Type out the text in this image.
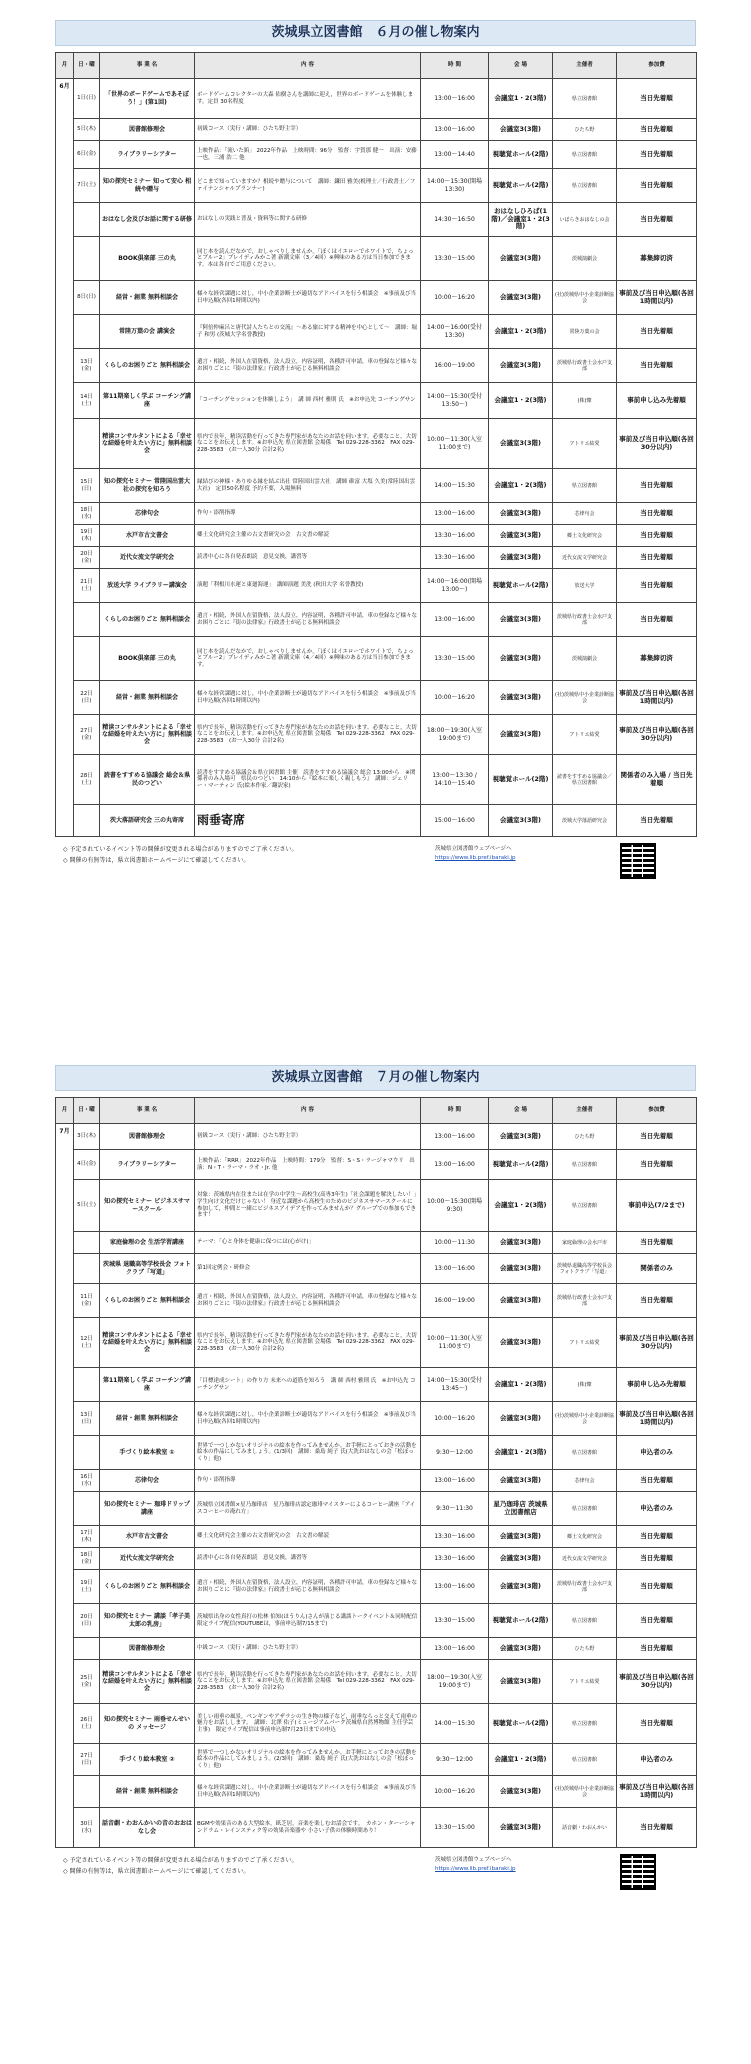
茨城県立図書館　６月の催し物案内
月	日・曜	事 業 名	内 容	時 間	会 場	主催者	参加費
6月	1日(日)	「世界のボードゲームであそぼう！」(第1回)	ボードゲームコレクターの大森 佑樹さんを講師に迎え，世界のボードゲームを体験します。定員 30名程度	13:00～16:00	会議室1・2(3階)	県立図書館	当日先着順
	5日(木)	図書館修理会	初級コース（実行・講師：ひたち野主宰）	13:00～16:00	会議室3(3階)	ひたち野	当日先着順
	6日(金)	ライブラリーシアター	上映作品：「流いた鋲」 2022年作品　上映時間：96分　監督：宇賀那 健一　出演：安藤 一也，三浦 浩二 他	13:00～14:40	視聴覚ホール(2階)	県立図書館	当日先着順
	7日(土)	知の探究セミナー 知って安心 相続や贈与	どこまで知っていますか？相続や贈与について　講師：鎌田 雅美(税理士／行政書士／ファイナンシャルプランナー)	14:00～15:30(開場13:30)	視聴覚ホール(2階)	県立図書館	当日先着順
		おはなし会及びお話に関する研修	おはなしの実践と普及・資料等に関する研修	14:30～16:50	おはなしひろば(1階)／会議室1・2(3階)	いばらきおはなしの会	当日先着順
		BOOK倶楽部 三の丸	同じ本を読んだなかで，おしゃべりしませんか。「ぼくはイエローでホワイトで，ちょっとブルー2」ブレイディみかこ著 新潮文庫（3／4回）※興味のある方は当日参加できます。本は各自でご用意ください。	13:30～15:00	会議室3(3階)	茨城演劇会	募集締切済
	8日(日)	経営・創業 無料相談会	様々な経営課題に対し，中小企業診断士が適切なアドバイスを行う相談会　※事前及び当日申込順(各回1時間以内)	10:00～16:20	会議室3(3階)	(社)茨城県中小企業診断協会	事前及び当日申込順(各回1時間以内)
		常陸万葉の会 講演会	『阿倍仲麻呂と唐代詩人たちとの交流』～ある旅に対する精神を中心として～　講師：堀子 和男 (茨城大学名誉教授)	14:00～16:00(受付13:30)	会議室1・2(3階)	常陸万葉の会	当日先着順
	13日(金)	くらしのお困りごと 無料相談会	遺言・相続，外国人在留資格，法人設立，内容証明，各種許可申請，車の登録など様々なお困りごとに『街の法律家』行政書士が応じる無料相談会	16:00～19:00	会議室3(3階)	茨城県行政書士会水戸支部	当日先着順
	14日(土)	第11期楽しく学ぶ コーチング講座	「コーチングセッションを体験しよう」　講 師 西村 雅則 氏　※お申込先 コーチングサン	14:00～15:30(受付13:50～)	会議室1・2(3階)	(株)燦	事前申し込み先着順
		精读コンサルタントによる「幸せな結婚を叶えたい方に」無料相談会	県内で長年，精读活動を行ってきた専門家があなたのお話を伺います。必要なこと，大切なことをお伝えします。※お申込先 県立図書館 会場係　Tel 029-228-3362　FAX 029-228-3583　(お一人30分 合計2名)	10:00～11:30(入室 11:00まで)	会議室3(3階)	アトリエ結愛	事前及び当日申込順(各回30分以内)
	15日(日)	知の探究セミナー 常陸国出雲大社の探究を知ろう	縁結びの神様・ありゆる縁を結ぶ出社 常陸国出雲大社　講師 碓富 大塩 久美(常陸国出雲大社)　定員50名程度 予約不要，入場無料	14:00～15:30	会議室1・2(3階)	県立図書館	当日先着順
	18日(水)	芯律句会	作句・添削指導	13:00～16:00	会議室3(3階)	芯律句会	当日先着順
	19日(木)	水戸市古文書会	郷土文化研究会主催の古文書研究の会　古文書の解読	13:30～16:00	会議室3(3階)	郷土文化研究会	当日先着順
	20日(金)	近代女流文学研究会	読書中心に各自発表朗読　意見交換，講習等	13:30～16:00	会議室3(3階)	近代女流文学研究会	当日先着順
	21日(土)	放送大学 ライブラリー講演会	演題「利根川水運と東廻海運」　講師演題 美洗 (秋田大学 名誉教授)	14:00～16:00(開場13:00～)	視聴覚ホール(2階)	放送大学	当日先着順
		くらしのお困りごと 無料相談会	遺言・相続，外国人在留資格，法人設立，内容証明，各種許可申請，車の登録など様々なお困りごとに『街の法律家』行政書士が応じる無料相談会	13:00～16:00	会議室3(3階)	茨城県行政書士会水戸支部	当日先着順
		BOOK倶楽部 三の丸	同じ本を読んだなかで，おしゃべりしませんか。「ぼくはイエローでホワイトで，ちょっとブルー2」ブレイディみかこ著 新潮文庫（4／4回）※興味のある方は当日参加できます。	13:30～15:00	会議室3(3階)	茨城演劇会	募集締切済
	22日(日)	経営・創業 無料相談会	様々な経営課題に対し，中小企業診断士が適切なアドバイスを行う相談会　※事前及び当日申込順(各回1時間以内)	10:00～16:20	会議室3(3階)	(社)茨城県中小企業診断協会	事前及び当日申込順(各回1時間以内)
	27日(金)	精读コンサルタントによる「幸せな結婚を叶えたい方に」無料相談会	県内で長年，精读活動を行ってきた専門家があなたのお話を伺います。必要なこと，大切なことをお伝えします。※お申込先 県立図書館 会場係　Tel 029-228-3362　FAX 029-228-3583　(お一人30分 合計2名)	18:00～19:30(入室 19:00まで)	会議室3(3階)	アトリエ結愛	事前及び当日申込順(各回30分以内)
	28日(土)	読書をすすめる協議会 総会＆県民のつどい	読書をすすめる協議会＆県立図書館 主催　読書をすすめる協議会 総会 13:00から　※関係者のみ入場可　県民のつどい　14:10から『絵本に楽しく親しもう』　講師：ジェリー・マーティン 氏(絵本作家／翻訳家)	13:00～13:30 / 14:10～15:40	視聴覚ホール(2階)	読書をすすめる協議会／県立図書館	関係者のみ入場 / 当日先着順
		茨大落語研究会 三の丸寄席	雨垂寄席	15:00～16:00	会議室3(3階)	茨城大学落語研究会	当日先着順
◇ 予定されているイベント等の開催が変更される場合がありますのでご了承ください。
◇ 開催の有無等は，県立図書館ホームページにて確認してください。
茨城県立図書館ウェブページへ
https://www.lib.pref.ibaraki.jp
茨城県立図書館　７月の催し物案内
月	日・曜	事 業 名	内 容	時 間	会 場	主催者	参加費
7月	3日(木)	図書館修理会	初級コース（実行・講師：ひたち野主宰）	13:00～16:00	会議室3(3階)	ひたち野	当日先着順
	4日(金)	ライブラリーシアター	上映作品：「RRR」 2022年作品　上映時間：179分　監督：S・S・ラージャマウリ　出演：N・T・ラーマ・ラオ・Jr. 他	13:00～16:00	視聴覚ホール(2階)	県立図書館	当日先着順
	5日(土)	知の探究セミナー ビジネスサマースクール	対象：茨城県内在住または在学の中学生～高校生(高専3年生)「社会課題を解決したい！」学生向け文化だけじゃない！ 身近な課題から高校生のためのビジネスサマースクールに参加して，仲間と一緒にビジネスアイデアを作ってみませんか？グループでの参加もできます！	10:00～15:30(開場9:30)	会議室1・2(3階)	県立図書館	事前申込(7/2まで)
		家庭倫理の会 生活学習講座	テーマ：「心と身体を健康に保つには(心がけ)」	10:00～11:30	会議室3(3階)	家庭倫理の会水戸市	当日先着順
		茨城県 退職高等学校長会 フォトクラブ「写道」	第1回定例会・研修会	13:00～16:00	会議室3(3階)	茨城県退職高等学校長会フォトクラブ「写道」	関係者のみ
	11日(金)	くらしのお困りごと 無料相談会	遺言・相続，外国人在留資格，法人設立，内容証明，各種許可申請，車の登録など様々なお困りごとに『街の法律家』行政書士が応じる無料相談会	16:00～19:00	会議室3(3階)	茨城県行政書士会水戸支部	当日先着順
	12日(土)	精读コンサルタントによる「幸せな結婚を叶えたい方に」無料相談会	県内で長年，精读活動を行ってきた専門家があなたのお話を伺います。必要なこと，大切なことをお伝えします。※お申込先 県立図書館 会場係　Tel 029-228-3362　FAX 029-228-3583　(お一人30分 合計2名)	10:00～11:30(入室 11:00まで)	会議室3(3階)	アトリエ結愛	事前及び当日申込順(各回30分以内)
		第11期楽しく学ぶ コーチング講座	「目標達成シート」の作り方 未来への道筋を知ろう　講 師 西村 雅則 氏　※お申込先 コーチングサン	14:00～15:30(受付13:45～)	会議室1・2(3階)	(株)燦	事前申し込み先着順
	13日(日)	経営・創業 無料相談会	様々な経営課題に対し，中小企業診断士が適切なアドバイスを行う相談会　※事前及び当日申込順(各回1時間以内)	10:00～16:20	会議室3(3階)	(社)茨城県中小企業診断協会	事前及び当日申込順(各回1時間以内)
		手づくり絵本教室 ①	世界で一つしかないオリジナルの絵本を作ってみませんか。お手軽にとっておきの活動を絵本の作品にしてみましょう。(1/3回)　講師：桑島 純子 氏(大洗おはなしの会「松ぼっくり」他)	9:30～12:00	会議室1・2(3階)	県立図書館	申込者のみ
	16日(水)	芯律句会	作句・添削指導	13:00～16:00	会議室3(3階)	芯律句会	当日先着順
		知の探究セミナー 珈琲ドリップ講座	茨城県立図書館×星乃珈琲店　星乃珈琲店認定珈琲マイスターによるコーヒー講座「アイスコーヒーの淹れ方」	9:30～11:30	星乃珈琲店 茨城県立図書館店	県立図書館	申込者のみ
	17日(木)	水戸市古文書会	郷土文化研究会主催の古文書研究の会　古文書の解読	13:30～16:00	会議室3(3階)	郷土文化研究会	当日先着順
	18日(金)	近代女流文学研究会	読書中心に各自発表朗読　意見交換，講習等	13:30～16:00	会議室3(3階)	近代女流文学研究会	当日先着順
	19日(土)	くらしのお困りごと 無料相談会	遺言・相続，外国人在留資格，法人設立，内容証明，各種許可申請，車の登録など様々なお困りごとに『街の法律家』行政書士が応じる無料相談会	13:00～16:00	会議室3(3階)	茨城県行政書士会水戸支部	当日先着順
	20日(日)	知の探究セミナー 講談「孝子美太郎の乳房」	茨城県出身の女性真打の松林 伯知(ほうりん)さんが演じる講談トークイベント＆同時配信　限定ライブ配信(YOUTUBEは，事前申込制7/15まで)	13:30～15:00	視聴覚ホール(2階)	県立図書館	当日先着順
		図書館修理会	中級コース（実行・講師：ひたち野主宰）	13:00～16:00	会議室3(3階)	ひたち野	当日先着順
	25日(金)	精读コンサルタントによる「幸せな結婚を叶えたい方に」無料相談会	県内で長年，精读活動を行ってきた専門家があなたのお話を伺います。必要なこと，大切なことをお伝えします。※お申込先 県立図書館 会場係　Tel 029-228-3362　FAX 029-228-3583　(お一人30分 合計2名)	18:00～19:30(入室 19:00まで)	会議室3(3階)	アトリエ結愛	事前及び当日申込順(各回30分以内)
	26日(土)	知の探究セミナー 雨垂せんせいの メッセージ	美しい雨垂の風景，ペンギンやアザラシの生き物の様子など，雨垂ならっと交えて雨垂の魅力をお話しします。　講師：北澤 佑子(ミュージアムパーク茨城県自然博物館 主任学芸主事)　限定ライブ配信は事前申込制7月23日までの申込	14:00～15:30	視聴覚ホール(2階)	県立図書館	当日先着順
	27日(日)	手づくり絵本教室 ②	世界で一つしかないオリジナルの絵本を作ってみませんか。お手軽にとっておきの活動を絵本の作品にしてみましょう。(2/3回)　講師：桑島 純子 氏(大洗おはなしの会「松ぼっくり」他)	9:30～12:00	会議室1・2(3階)	県立図書館	申込者のみ
		経営・創業 無料相談会	様々な経営課題に対し，中小企業診断士が適切なアドバイスを行う相談会　※事前及び当日申込順(各回1時間以内)	10:00～16:20	会議室3(3階)	(社)茨城県中小企業診断協会	事前及び当日申込順(各回1時間以内)
	30日(水)	話音劇・わおんかいの音のおおはなし会	BGMや効果音のある大型絵本，紙芝居，音楽を楽しむお話会です。　カホン・ターーシャンドラム・レインスティク等の効果音楽器や 小さい子供の体験時間あり！	13:30～15:00	会議室3(3階)	話音劇・わおんかい	当日先着順
◇ 予定されているイベント等の開催が変更される場合がありますのでご了承ください。
◇ 開催の有無等は，県立図書館ホームページにて確認してください。
茨城県立図書館ウェブページへ
https://www.lib.pref.ibaraki.jp
